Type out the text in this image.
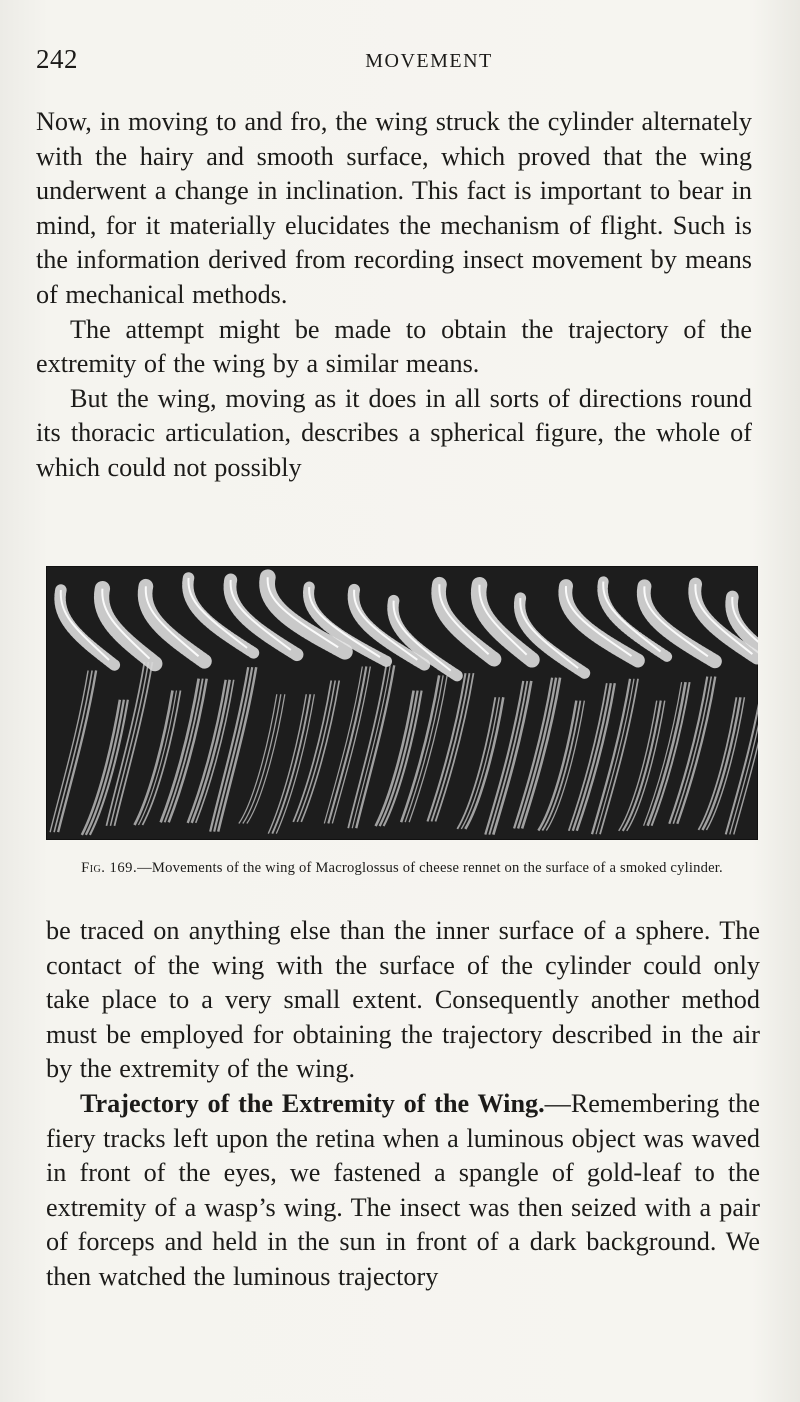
242	MOVEMENT

Now, in moving to and fro, the wing struck the cylinder alternately with the hairy and smooth surface, which proved that the wing underwent a change in inclination. This fact is important to bear in mind, for it materially elucidates the mechanism of flight. Such is the information derived from recording insect movement by means of mechanical methods.

The attempt might be made to obtain the trajectory of the extremity of the wing by a similar means.

But the wing, moving as it does in all sorts of directions round its thoracic articulation, describes a spherical figure, the whole of which could not possibly

Fig. 169.—Movements of the wing of Macroglossus of cheese rennet on the surface of a smoked cylinder.

be traced on anything else than the inner surface of a sphere. The contact of the wing with the surface of the cylinder could only take place to a very small extent. Consequently another method must be employed for obtaining the trajectory described in the air by the extremity of the wing.

Trajectory of the Extremity of the Wing.—Remembering the fiery tracks left upon the retina when a luminous object was waved in front of the eyes, we fastened a spangle of gold-leaf to the extremity of a wasp’s wing. The insect was then seized with a pair of forceps and held in the sun in front of a dark background. We then watched the luminous trajectory
